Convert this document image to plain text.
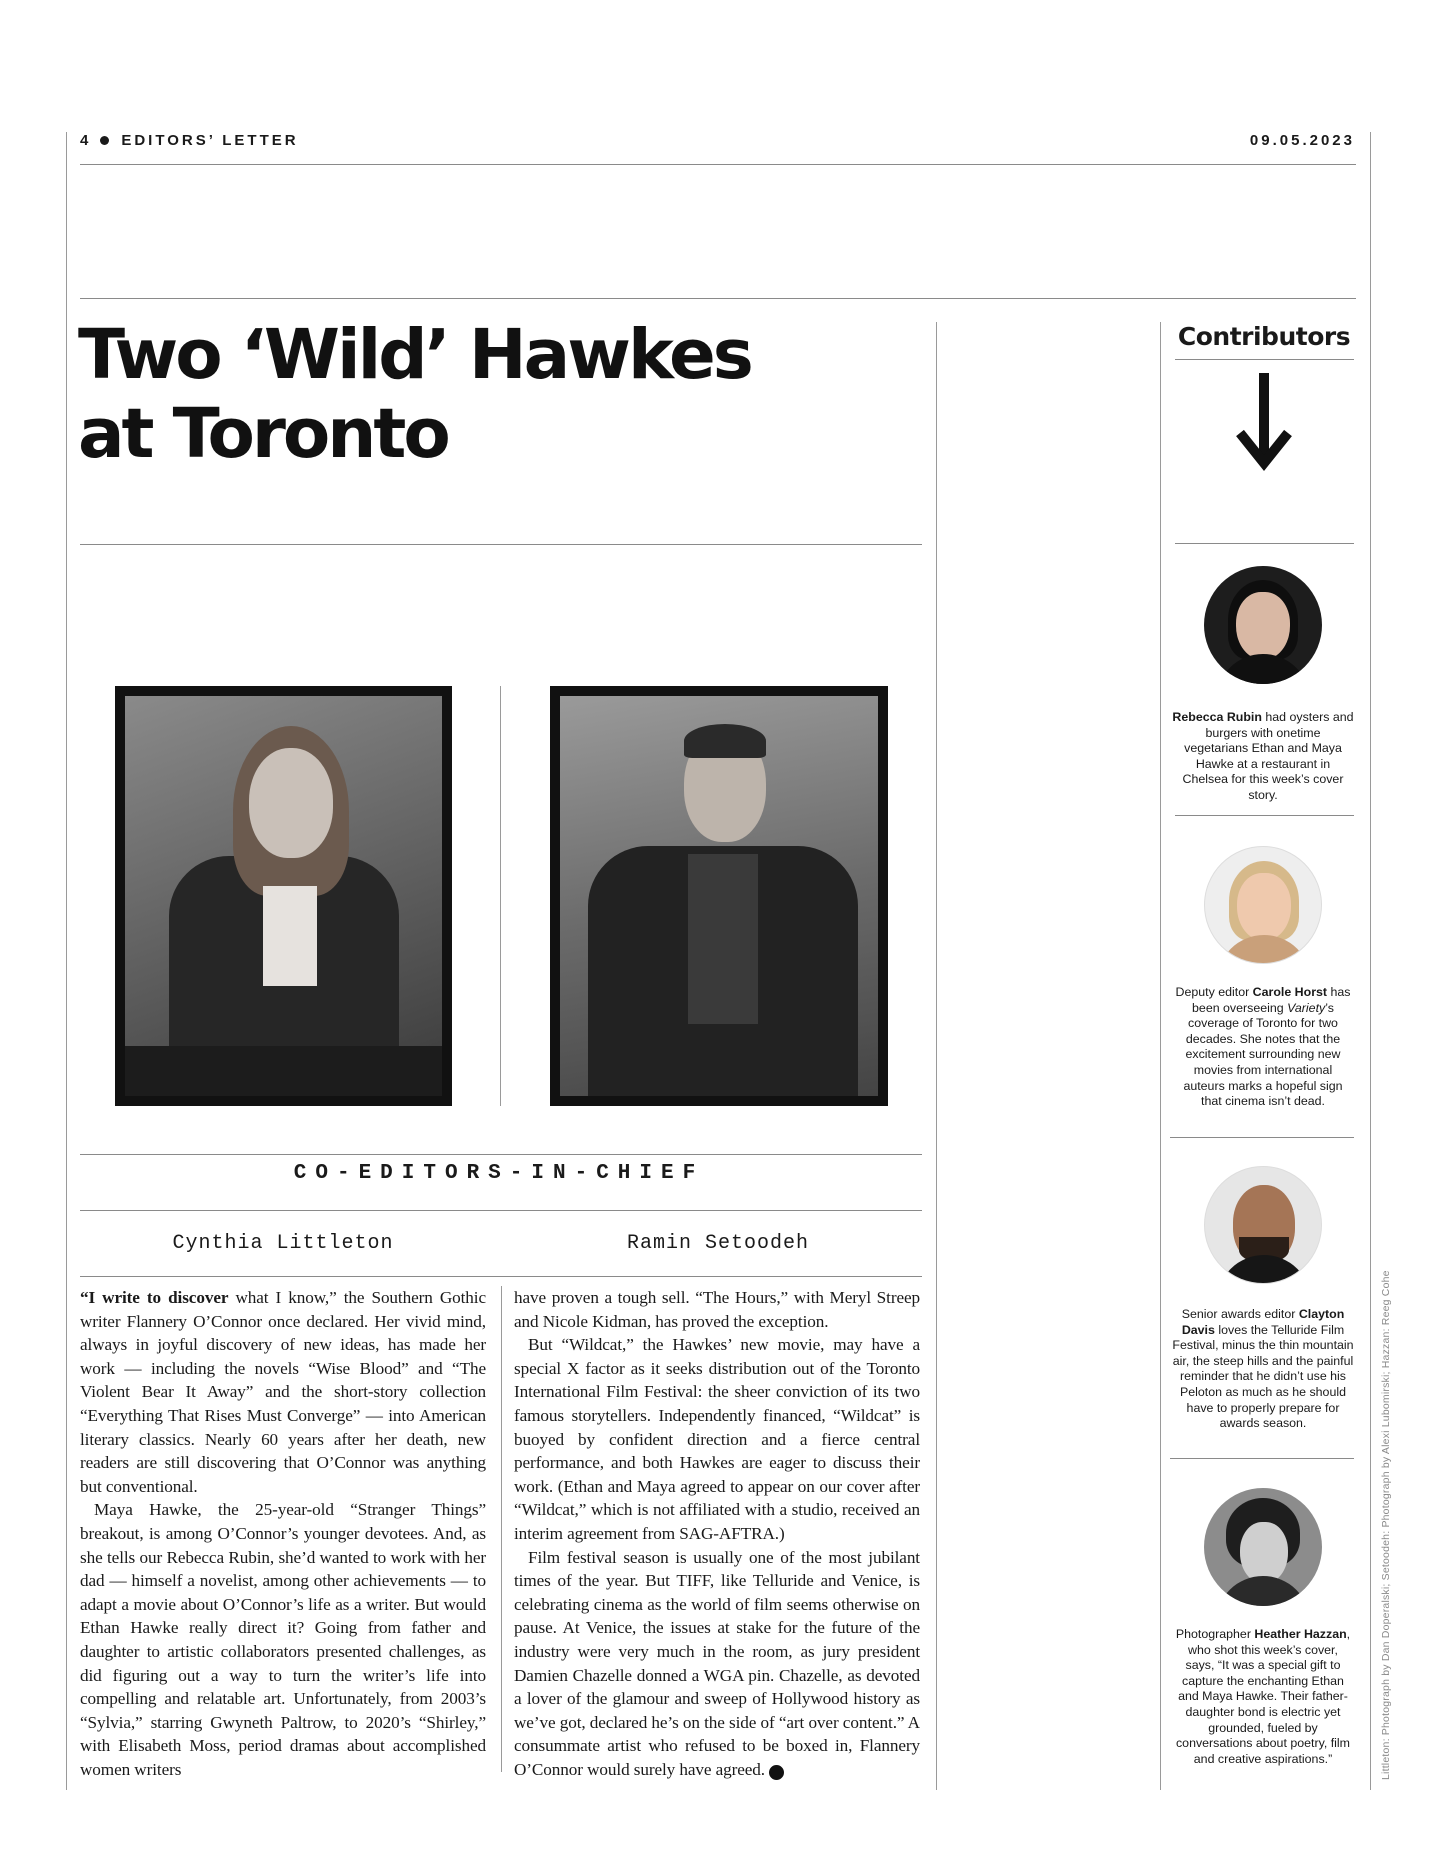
4 EDITORS’ LETTER	09.05.2023
Two ‘Wild’ Hawkes
at Toronto
CO-EDITORS-IN-CHIEF
Cynthia Littleton	Ramin Setoodeh

“I write to discover what I know,” the Southern Gothic writer Flannery O’Connor once declared. Her vivid mind, always in joyful discovery of new ideas, has made her work — including the novels “Wise Blood” and “The Violent Bear It Away” and the short-story collection “Everything That Rises Must Converge” — into American literary classics. Nearly 60 years after her death, new readers are still discovering that O’Connor was anything but conventional.

Maya Hawke, the 25-year-old “Stranger Things” breakout, is among O’Connor’s younger devotees. And, as she tells our Rebecca Rubin, she’d wanted to work with her dad — himself a novelist, among other achievements — to adapt a movie about O’Connor’s life as a writer. But would Ethan Hawke really direct it? Going from father and daughter to artistic collaborators presented challenges, as did figuring out a way to turn the writer’s life into compelling and relatable art. Unfortunately, from 2003’s “Sylvia,” starring Gwyneth Paltrow, to 2020’s “Shirley,” with Elisabeth Moss, period dramas about accomplished women writers

have proven a tough sell. “The Hours,” with Meryl Streep and Nicole Kidman, has proved the exception.

But “Wildcat,” the Hawkes’ new movie, may have a special X factor as it seeks distribution out of the Toronto International Film Festival: the sheer conviction of its two famous storytellers. Independently financed, “Wildcat” is buoyed by confident direction and a fierce central performance, and both Hawkes are eager to discuss their work. (Ethan and Maya agreed to appear on our cover after “Wildcat,” which is not affiliated with a studio, received an interim agreement from SAG-AFTRA.)

Film festival season is usually one of the most jubilant times of the year. But TIFF, like Telluride and Venice, is celebrating cinema as the world of film seems otherwise on pause. At Venice, the issues at stake for the future of the industry were very much in the room, as jury president Damien Chazelle donned a WGA pin. Chazelle, as devoted a lover of the glamour and sweep of Hollywood history as we’ve got, declared he’s on the side of “art over content.” A consummate artist who refused to be boxed in, Flannery O’Connor would surely have agreed. V

Contributors
Rebecca Rubin had oysters and burgers with onetime vegetarians Ethan and Maya Hawke at a restaurant in Chelsea for this week’s cover story.
Deputy editor Carole Horst has been overseeing Variety’s coverage of Toronto for two decades. She notes that the excitement surrounding new movies from international auteurs marks a hopeful sign that cinema isn’t dead.
Senior awards editor Clayton Davis loves the Telluride Film Festival, minus the thin mountain air, the steep hills and the painful reminder that he didn’t use his Peloton as much as he should have to properly prepare for awards season.
Photographer Heather Hazzan, who shot this week’s cover, says, “It was a special gift to capture the enchanting Ethan and Maya Hawke. Their father-daughter bond is electric yet grounded, fueled by conversations about poetry, film and creative aspirations.”	Littleton: Photograph by Dan Doperalski; Setoodeh: Photograph by Alexi Lubomirski; Hazzan: Reeg Cohe
